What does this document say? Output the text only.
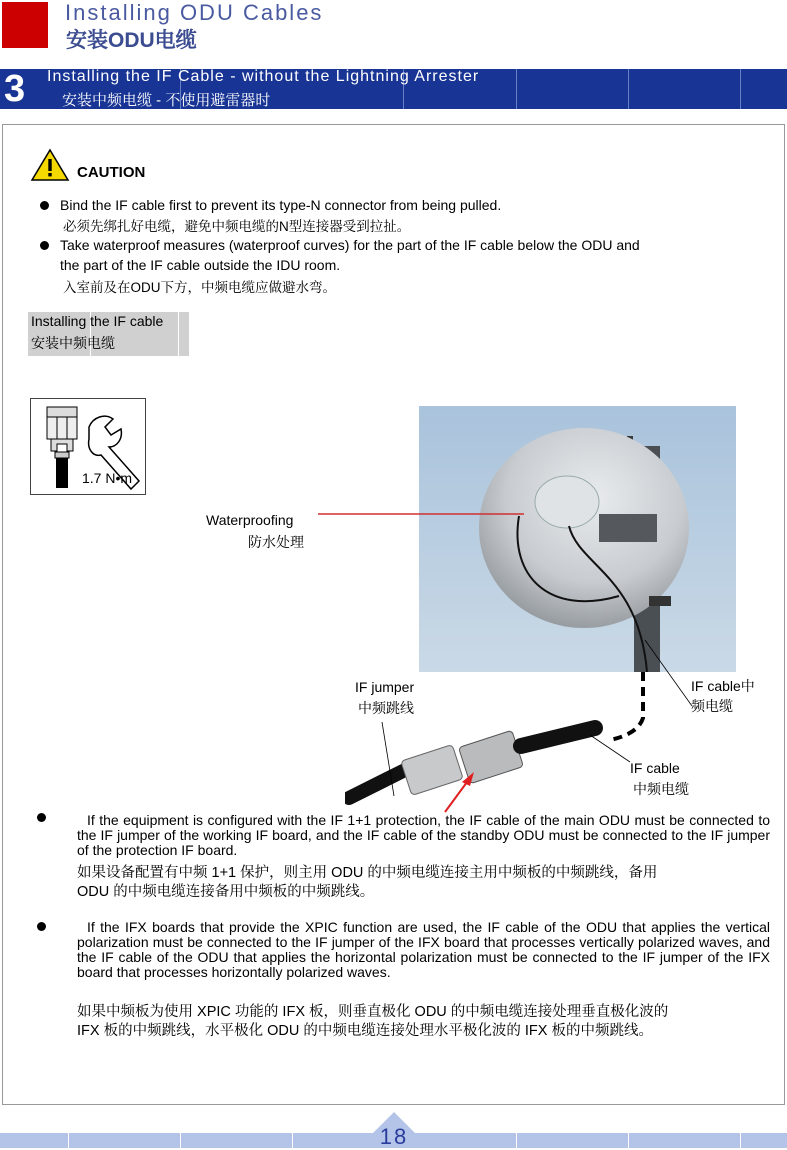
Installing ODU Cables
安装ODU电缆
3 Installing the IF Cable - without the Lightning Arrester
安装中频电缆 - 不使用避雷器时
CAUTION
Bind the IF cable first to prevent its type-N connector from being pulled.
必须先绑扎好电缆，避免中频电缆的N型连接器受到拉扯。
Take waterproof measures (waterproof curves) for the part of the IF cable below the ODU and
the part of the IF cable outside the IDU room.
入室前及在ODU下方，中频电缆应做避水弯。
Installing the IF cable
安装中频电缆
1.7 N•m
Waterproofing
防水处理
IF jumper
中频跳线
IF cable中
频电缆
IF cable
中频电缆
If the equipment is configured with the IF 1+1 protection, the IF cable of the main ODU must be connected to the IF jumper of the working IF board, and the IF cable of the standby ODU must be connected to the IF jumper of the protection IF board.
如果设备配置有中频 1+1 保护，则主用 ODU 的中频电缆连接主用中频板的中频跳线，备用
ODU 的中频电缆连接备用中频板的中频跳线。
If the IFX boards that provide the XPIC function are used, the IF cable of the ODU that applies the vertical polarization must be connected to the IF jumper of the IFX board that processes vertically polarized waves, and the IF cable of the ODU that applies the horizontal polarization must be connected to the IF jumper of the IFX board that processes horizontally polarized waves.
如果中频板为使用 XPIC 功能的 IFX 板，则垂直极化 ODU 的中频电缆连接处理垂直极化波的
IFX 板的中频跳线，水平极化 ODU 的中频电缆连接处理水平极化波的 IFX 板的中频跳线。
18
